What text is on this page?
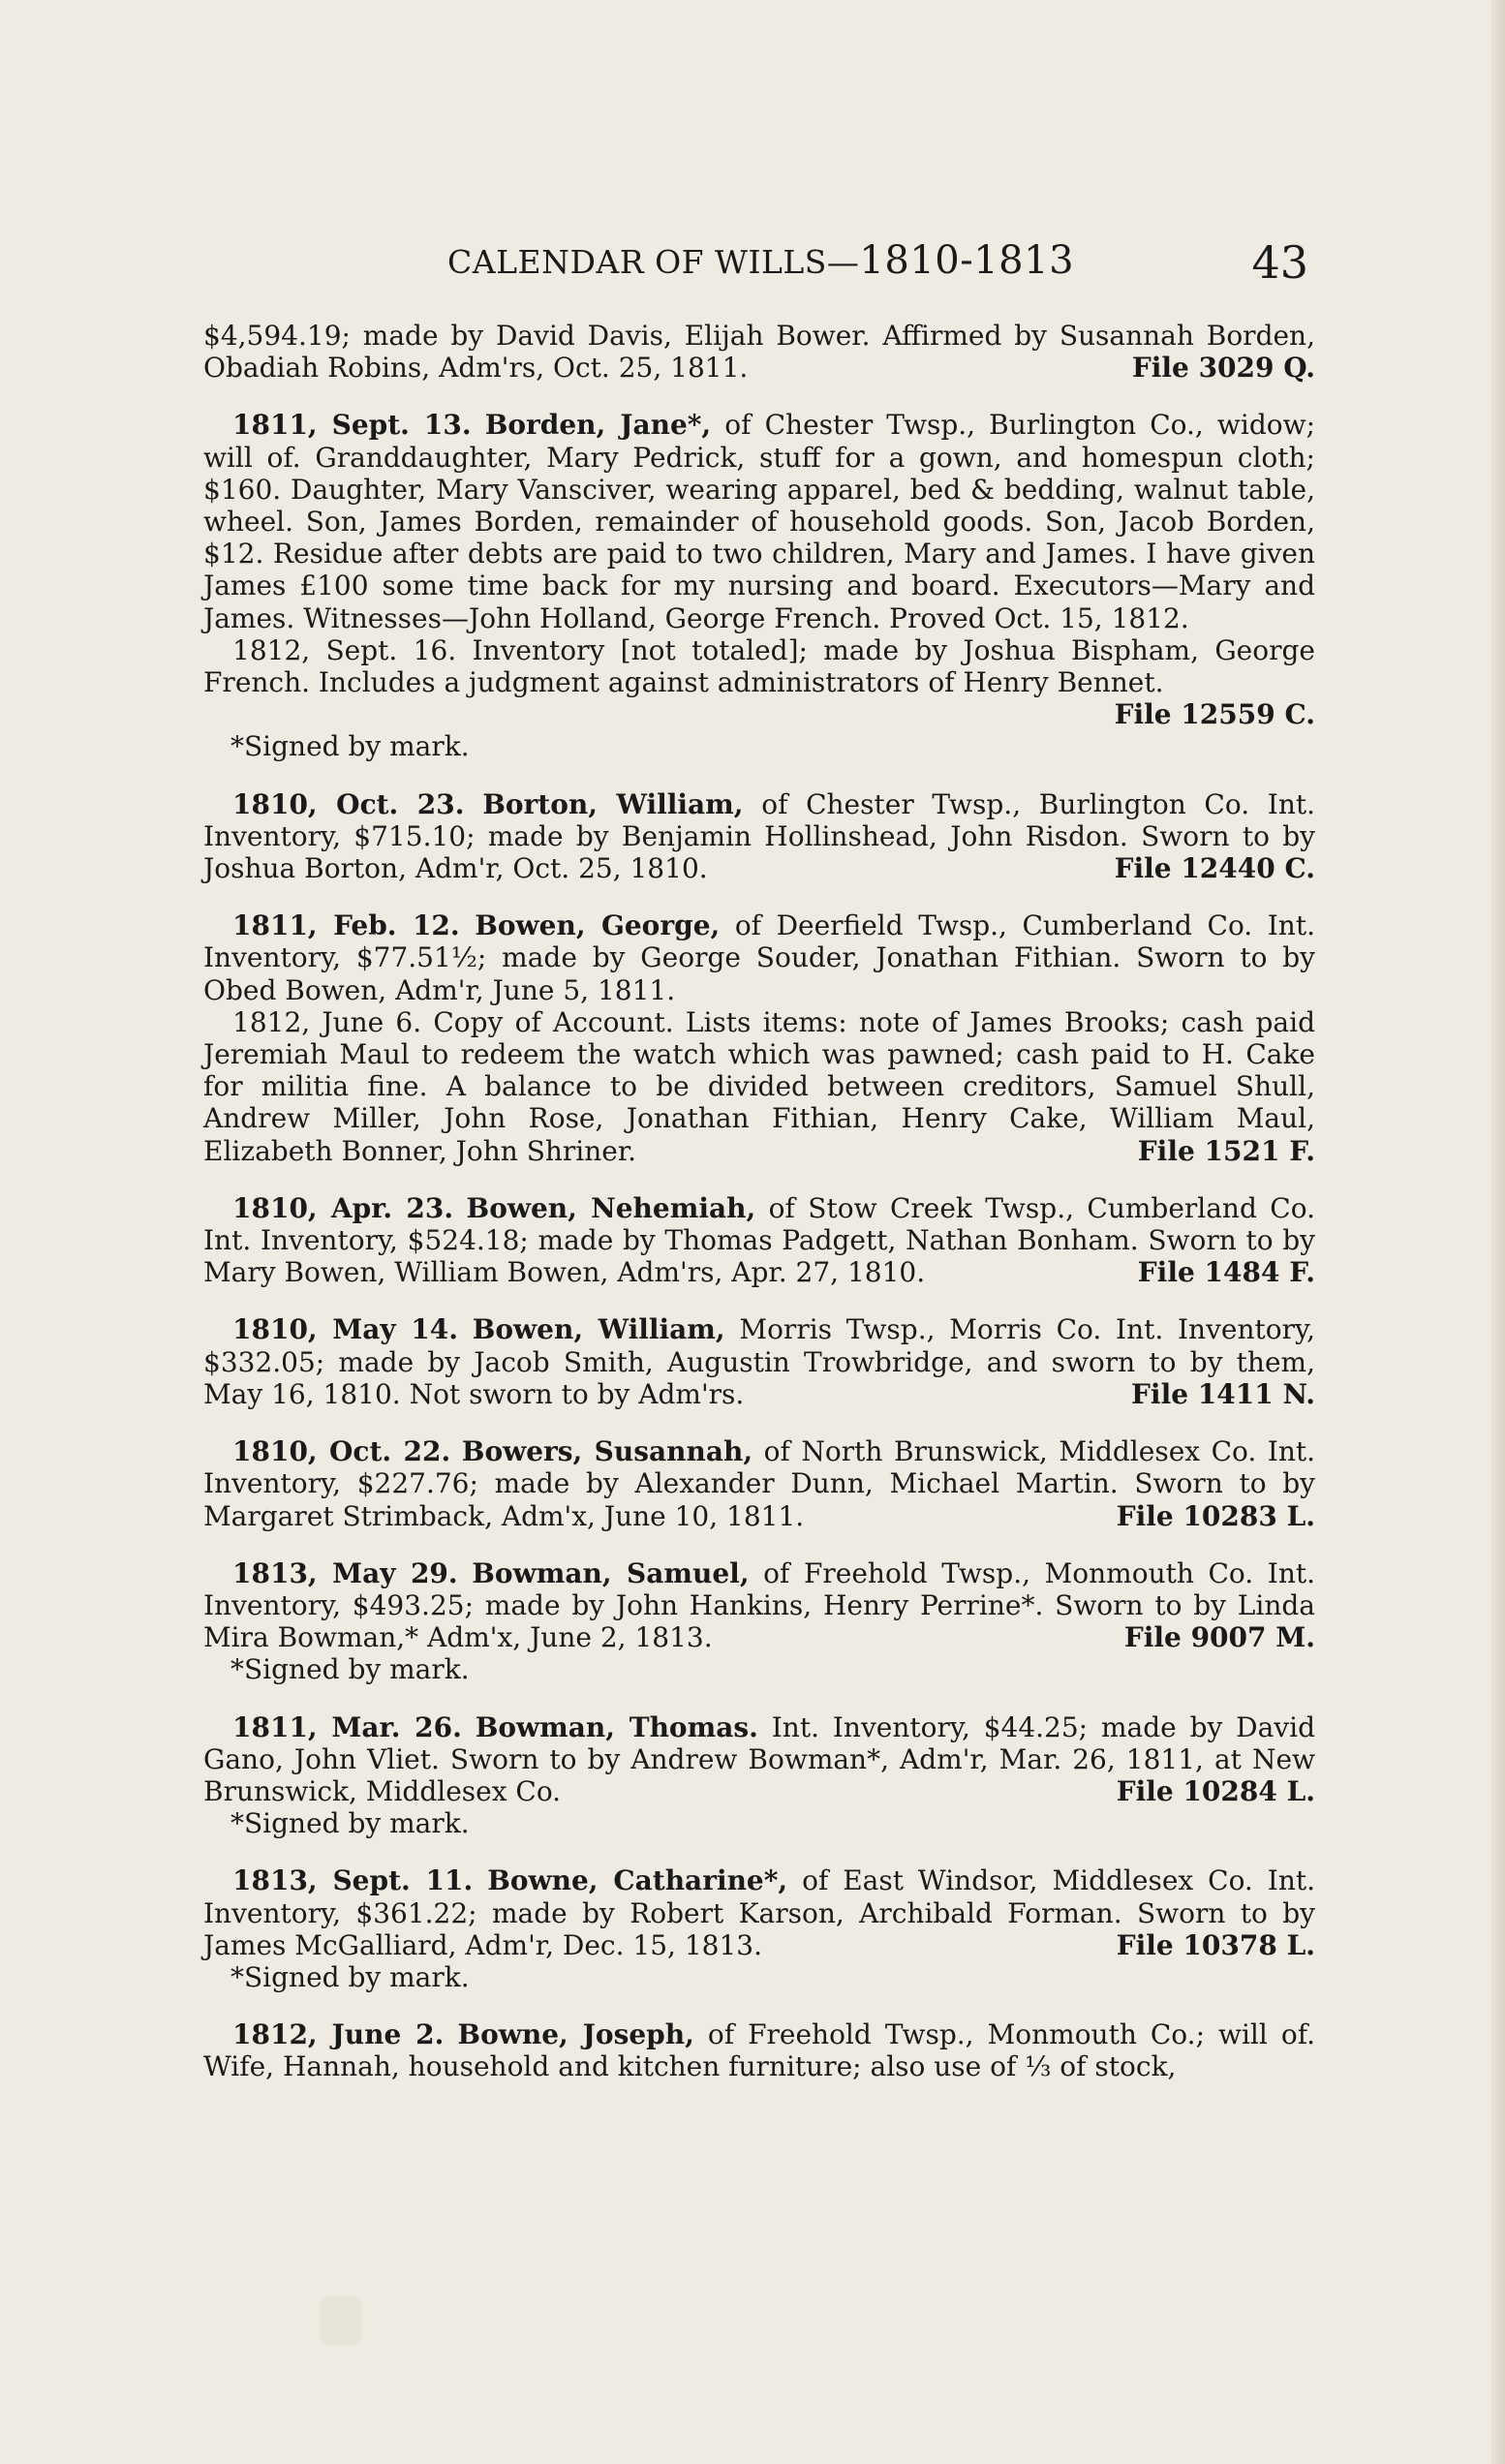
CALENDAR OF WILLS—1810-1813	43

$4,594.19; made by David Davis, Elijah Bower. Affirmed by Susannah Borden, Obadiah Robins, Adm'rs, Oct. 25, 1811.	File 3029 Q.

1811, Sept. 13. Borden, Jane*, of Chester Twsp., Burlington Co., widow; will of. Granddaughter, Mary Pedrick, stuff for a gown, and homespun cloth; $160. Daughter, Mary Vansciver, wearing apparel, bed & bedding, walnut table, wheel. Son, James Borden, remainder of household goods. Son, Jacob Borden, $12. Residue after debts are paid to two children, Mary and James. I have given James £100 some time back for my nursing and board. Executors—Mary and James. Witnesses—John Holland, George French. Proved Oct. 15, 1812.

1812, Sept. 16. Inventory [not totaled]; made by Joshua Bispham, George French. Includes a judgment against administrators of Henry Bennet.

File 12559 C.

*Signed by mark.

1810, Oct. 23. Borton, William, of Chester Twsp., Burlington Co. Int. Inventory, $715.10; made by Benjamin Hollinshead, John Risdon. Sworn to by Joshua Borton, Adm'r, Oct. 25, 1810.	File 12440 C.

1811, Feb. 12. Bowen, George, of Deerfield Twsp., Cumberland Co. Int. Inventory, $77.51½; made by George Souder, Jonathan Fithian. Sworn to by Obed Bowen, Adm'r, June 5, 1811.

1812, June 6. Copy of Account. Lists items: note of James Brooks; cash paid Jeremiah Maul to redeem the watch which was pawned; cash paid to H. Cake for militia fine. A balance to be divided between creditors, Samuel Shull, Andrew Miller, John Rose, Jonathan Fithian, Henry Cake, William Maul, Elizabeth Bonner, John Shriner.	File 1521 F.

1810, Apr. 23. Bowen, Nehemiah, of Stow Creek Twsp., Cumberland Co. Int. Inventory, $524.18; made by Thomas Padgett, Nathan Bonham. Sworn to by Mary Bowen, William Bowen, Adm'rs, Apr. 27, 1810.	File 1484 F.

1810, May 14. Bowen, William, Morris Twsp., Morris Co. Int. Inventory, $332.05; made by Jacob Smith, Augustin Trowbridge, and sworn to by them, May 16, 1810. Not sworn to by Adm'rs.	File 1411 N.

1810, Oct. 22. Bowers, Susannah, of North Brunswick, Middlesex Co. Int. Inventory, $227.76; made by Alexander Dunn, Michael Martin. Sworn to by Margaret Strimback, Adm'x, June 10, 1811.	File 10283 L.

1813, May 29. Bowman, Samuel, of Freehold Twsp., Monmouth Co. Int. Inventory, $493.25; made by John Hankins, Henry Perrine*. Sworn to by Linda Mira Bowman,* Adm'x, June 2, 1813.	File 9007 M.

*Signed by mark.

1811, Mar. 26. Bowman, Thomas. Int. Inventory, $44.25; made by David Gano, John Vliet. Sworn to by Andrew Bowman*, Adm'r, Mar. 26, 1811, at New Brunswick, Middlesex Co.	File 10284 L.

*Signed by mark.

1813, Sept. 11. Bowne, Catharine*, of East Windsor, Middlesex Co. Int. Inventory, $361.22; made by Robert Karson, Archibald Forman. Sworn to by James McGalliard, Adm'r, Dec. 15, 1813.	File 10378 L.

*Signed by mark.

1812, June 2. Bowne, Joseph, of Freehold Twsp., Monmouth Co.; will of. Wife, Hannah, household and kitchen furniture; also use of ⅓ of stock,
